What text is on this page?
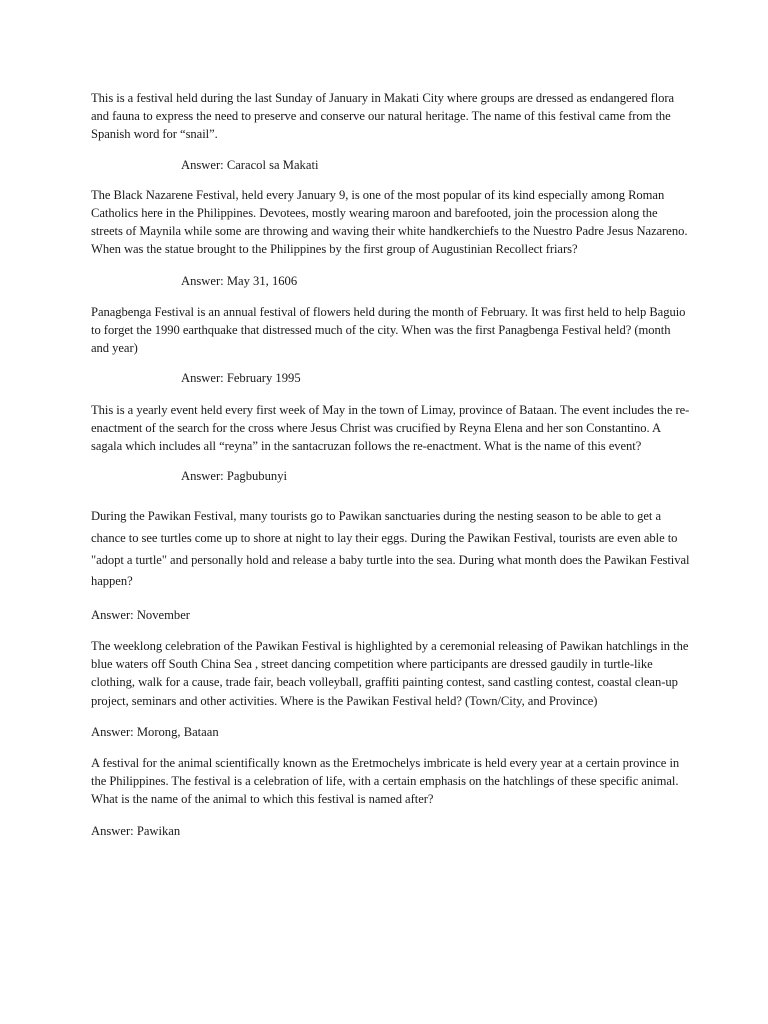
This is a festival held during the last Sunday of January in Makati City where groups are dressed as endangered flora and fauna to express the need to preserve and conserve our natural heritage. The name of this festival came from the Spanish word for “snail”.

Answer: Caracol sa Makati

The Black Nazarene Festival, held every January 9, is one of the most popular of its kind especially among Roman Catholics here in the Philippines. Devotees, mostly wearing maroon and barefooted, join the procession along the streets of Maynila while some are throwing and waving their white handkerchiefs to the Nuestro Padre Jesus Nazareno. When was the statue brought to the Philippines by the first group of Augustinian Recollect friars?

Answer: May 31, 1606

Panagbenga Festival is an annual festival of flowers held during the month of February. It was first held to help Baguio to forget the 1990 earthquake that distressed much of the city. When was the first Panagbenga Festival held? (month and year)

Answer: February 1995

This is a yearly event held every first week of May in the town of Limay, province of Bataan. The event includes the re-enactment of the search for the cross where Jesus Christ was crucified by Reyna Elena and her son Constantino. A sagala which includes all “reyna” in the santacruzan follows the re-enactment. What is the name of this event?

Answer: Pagbubunyi

During the Pawikan Festival, many tourists go to Pawikan sanctuaries during the nesting season to be able to get a chance to see turtles come up to shore at night to lay their eggs. During the Pawikan Festival, tourists are even able to "adopt a turtle" and personally hold and release a baby turtle into the sea. During what month does the Pawikan Festival happen?

Answer: November

The weeklong celebration of the Pawikan Festival is highlighted by a ceremonial releasing of Pawikan hatchlings in the blue waters off South China Sea , street dancing competition where participants are dressed gaudily in turtle-like clothing, walk for a cause, trade fair, beach volleyball, graffiti painting contest, sand castling contest, coastal clean-up project, seminars and other activities. Where is the Pawikan Festival held? (Town/City, and Province)

Answer: Morong, Bataan

A festival for the animal scientifically known as the Eretmochelys imbricate is held every year at a certain province in the Philippines. The festival is a celebration of life, with a certain emphasis on the hatchlings of these specific animal. What is the name of the animal to which this festival is named after?

Answer: Pawikan
